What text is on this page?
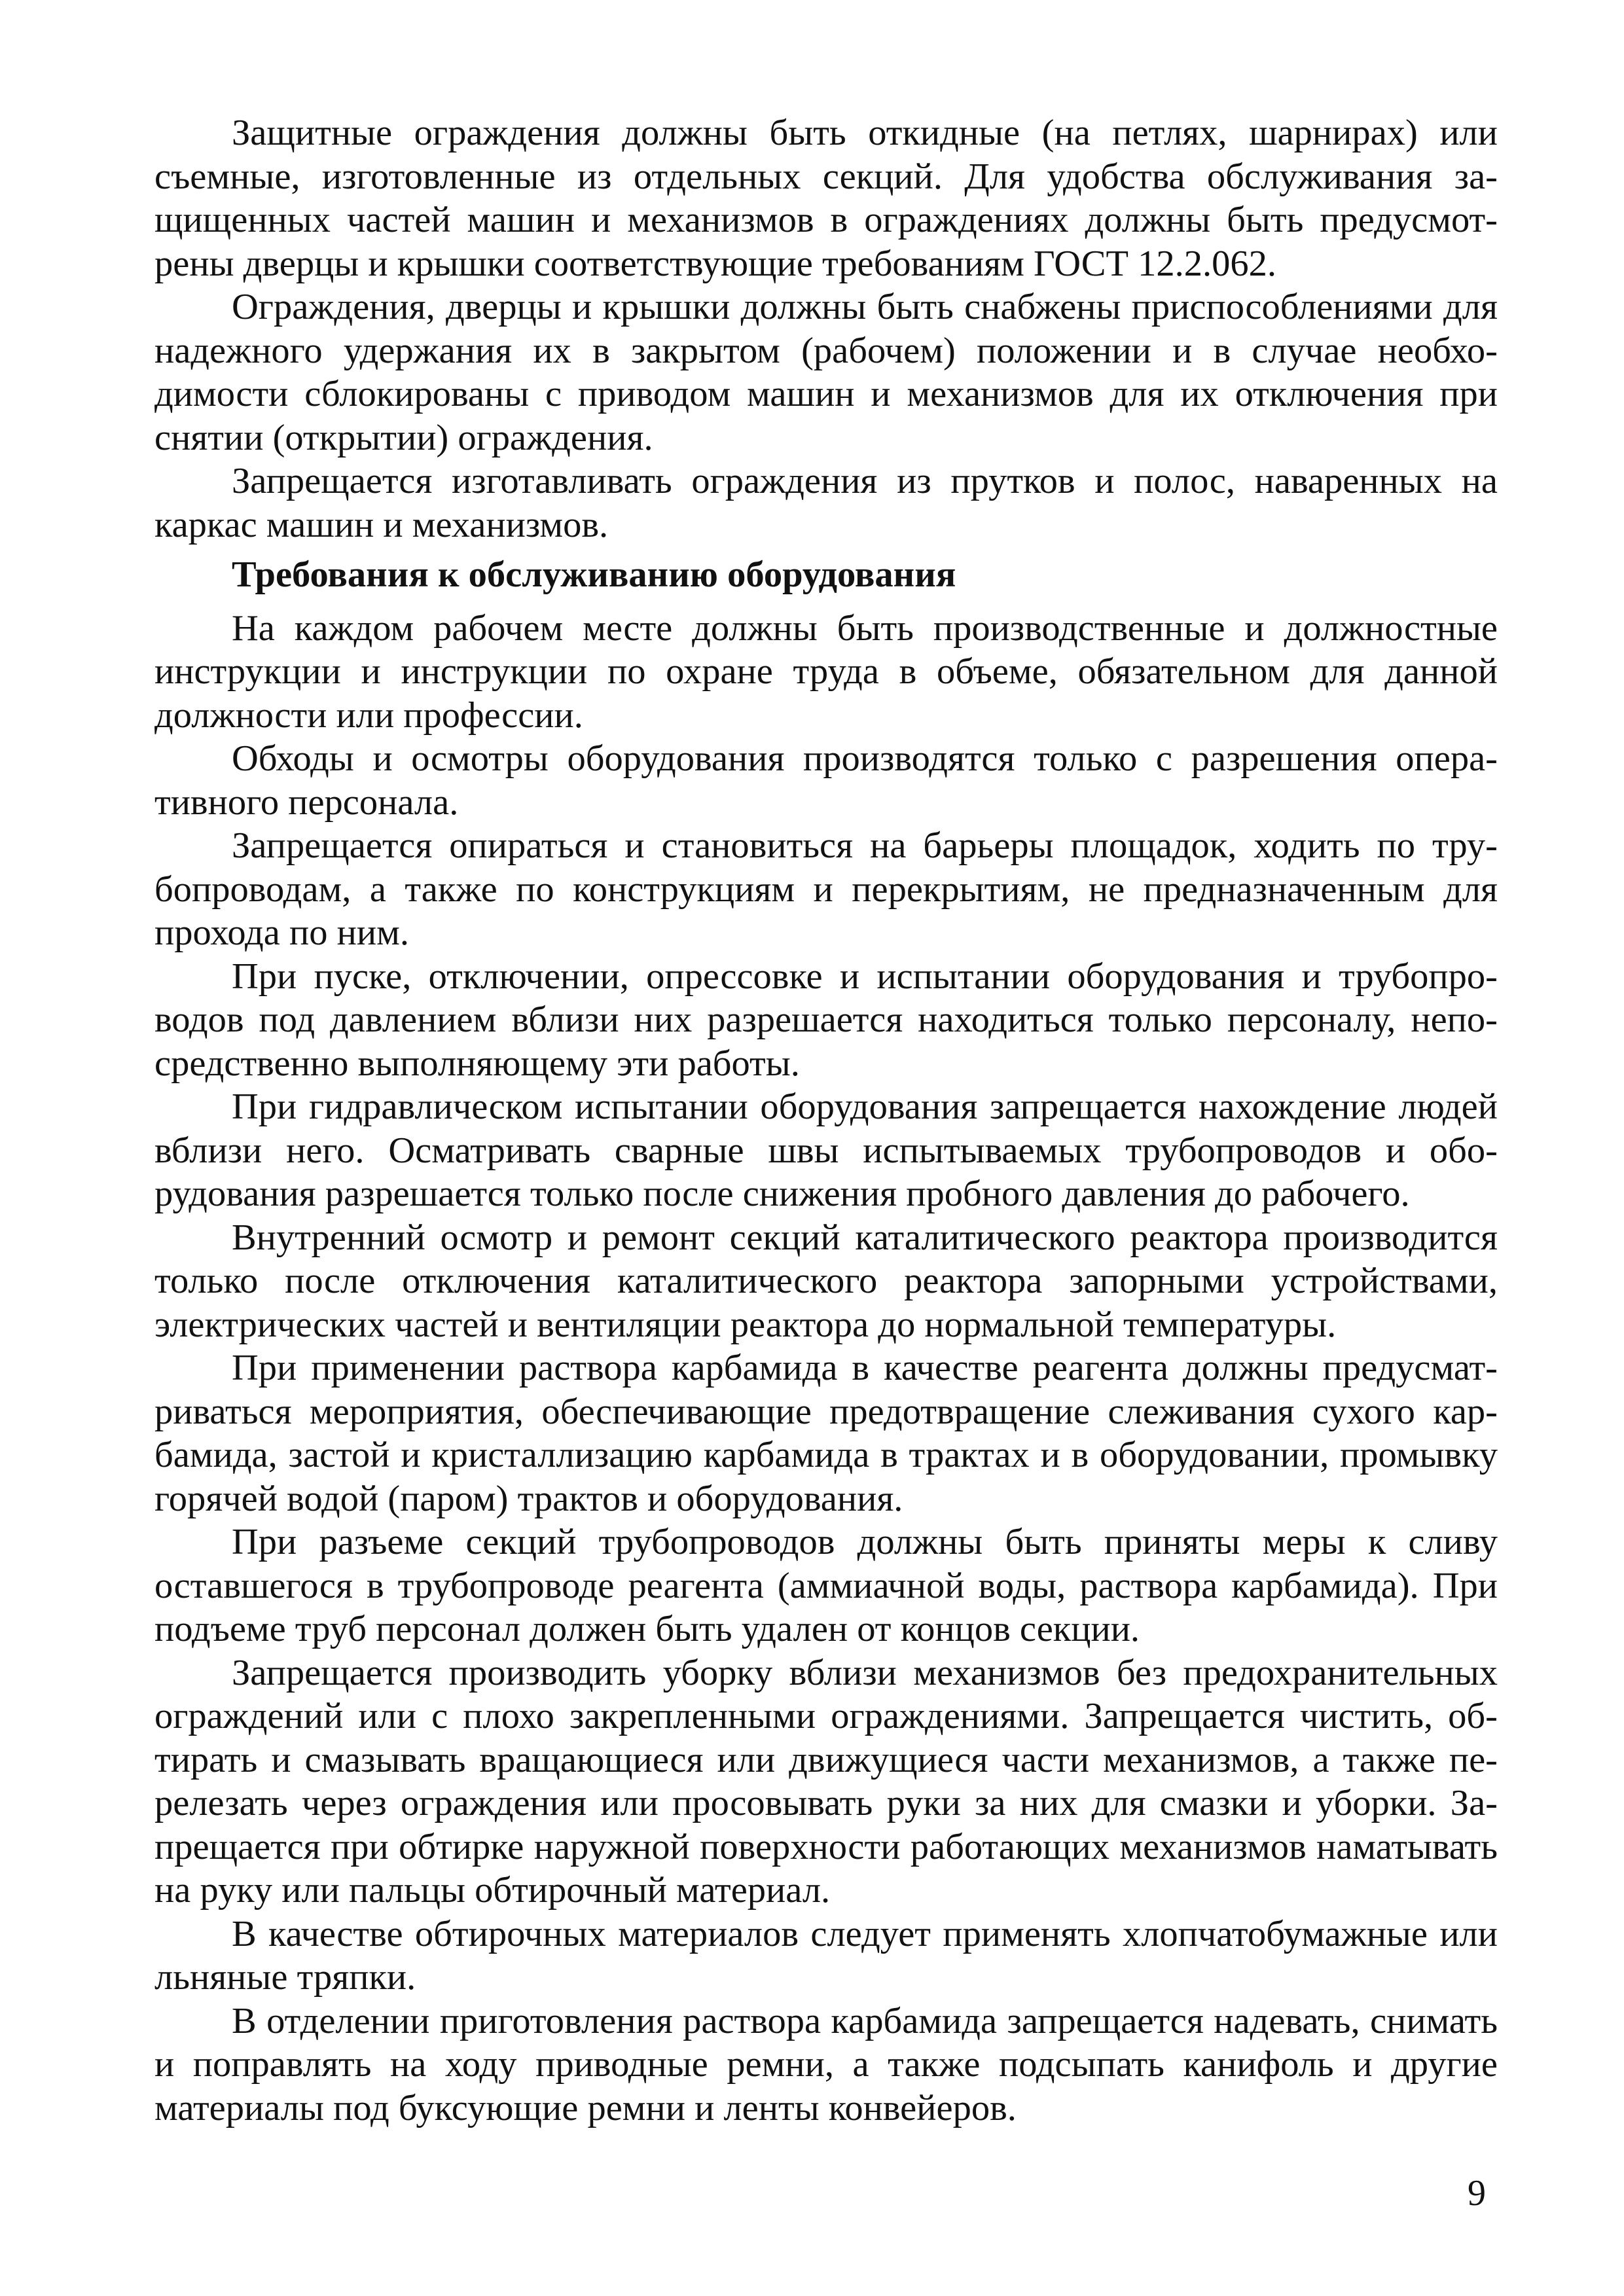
Защитные ограждения должны быть откидные (на петлях, шарнирах) или съемные, изготовленные из отдельных секций. Для удобства обслуживания защищенных частей машин и механизмов в ограждениях должны быть предусмотрены дверцы и крышки соответствующие требованиям ГОСТ 12.2.062.

Ограждения, дверцы и крышки должны быть снабжены приспособлениями для надежного удержания их в закрытом (рабочем) положении и в случае необходимости сблокированы с приводом машин и механизмов для их отключения при снятии (открытии) ограждения.

Запрещается изготавливать ограждения из прутков и полос, наваренных на каркас машин и механизмов.

Требования к обслуживанию оборудования

На каждом рабочем месте должны быть производственные и должностные инструкции и инструкции по охране труда в объеме, обязательном для данной должности или профессии.

Обходы и осмотры оборудования производятся только с разрешения оперативного персонала.

Запрещается опираться и становиться на барьеры площадок, ходить по трубопроводам, а также по конструкциям и перекрытиям, не предназначенным для прохода по ним.

При пуске, отключении, опрессовке и испытании оборудования и трубопроводов под давлением вблизи них разрешается находиться только персоналу, непосредственно выполняющему эти работы.

При гидравлическом испытании оборудования запрещается нахождение людей вблизи него. Осматривать сварные швы испытываемых трубопроводов и оборудования разрешается только после снижения пробного давления до рабочего.

Внутренний осмотр и ремонт секций каталитического реактора производится только после отключения каталитического реактора запорными устройствами, электрических частей и вентиляции реактора до нормальной температуры.

При применении раствора карбамида в качестве реагента должны предусматриваться мероприятия, обеспечивающие предотвращение слеживания сухого карбамида, застой и кристаллизацию карбамида в трактах и в оборудовании, промывку горячей водой (паром) трактов и оборудования.

При разъеме секций трубопроводов должны быть приняты меры к сливу оставшегося в трубопроводе реагента (аммиачной воды, раствора карбамида). При подъеме труб персонал должен быть удален от концов секции.

Запрещается производить уборку вблизи механизмов без предохранительных ограждений или с плохо закрепленными ограждениями. Запрещается чистить, обтирать и смазывать вращающиеся или движущиеся части механизмов, а также перелезать через ограждения или просовывать руки за них для смазки и уборки. Запрещается при обтирке наружной поверхности работающих механизмов наматывать на руку или пальцы обтирочный материал.

В качестве обтирочных материалов следует применять хлопчатобумажные или льняные тряпки.

В отделении приготовления раствора карбамида запрещается надевать, снимать и поправлять на ходу приводные ремни, а также подсыпать канифоль и другие материалы под буксующие ремни и ленты конвейеров.

9
